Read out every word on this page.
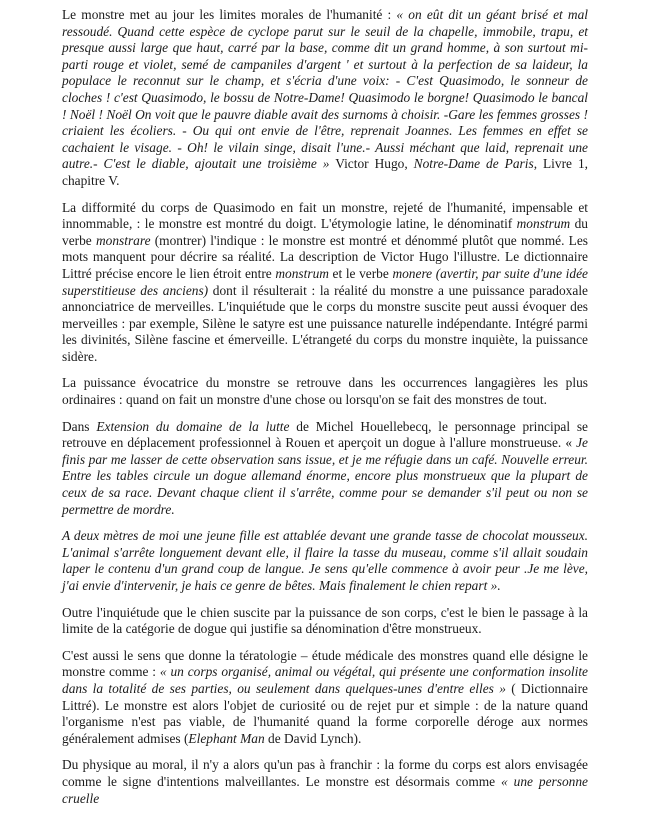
Le monstre met au jour les limites morales de l'humanité : « on eût dit un géant brisé et mal ressoudé. Quand cette espèce de cyclope parut sur le seuil de la chapelle, immobile, trapu, et presque aussi large que haut, carré par la base, comme dit un grand homme, à son surtout mi-parti rouge et violet, semé de campaniles d'argent ' et surtout à la perfection de sa laideur, la populace le reconnut sur le champ, et s'écria d'une voix: - C'est Quasimodo, le sonneur de cloches ! c'est Quasimodo, le bossu de Notre-Dame! Quasimodo le borgne! Quasimodo le bancal ! Noël ! Noël On voit que le pauvre diable avait des surnoms à choisir. -Gare les femmes grosses ! criaient les écoliers. - Ou qui ont envie de l'être, reprenait Joannes. Les femmes en effet se cachaient le visage. - Oh! le vilain singe, disait l'une.- Aussi méchant que laid, reprenait une autre.- C'est le diable, ajoutait une troisième » Victor Hugo, Notre-Dame de Paris, Livre 1, chapitre V.

La difformité du corps de Quasimodo en fait un monstre, rejeté de l'humanité, impensable et innommable, : le monstre est montré du doigt. L'étymologie latine, le dénominatif monstrum du verbe monstrare (montrer) l'indique : le monstre est montré et dénommé plutôt que nommé. Les mots manquent pour décrire sa réalité. La description de Victor Hugo l'illustre. Le dictionnaire Littré précise encore le lien étroit entre monstrum et le verbe monere (avertir, par suite d'une idée superstitieuse des anciens) dont il résulterait : la réalité du monstre a une puissance paradoxale annonciatrice de merveilles. L'inquiétude que le corps du monstre suscite peut aussi évoquer des merveilles : par exemple, Silène le satyre est une puissance naturelle indépendante. Intégré parmi les divinités, Silène fascine et émerveille. L'étrangeté du corps du monstre inquiète, la puissance sidère.

La puissance évocatrice du monstre se retrouve dans les occurrences langagières les plus ordinaires : quand on fait un monstre d'une chose ou lorsqu'on se fait des monstres de tout.

Dans Extension du domaine de la lutte de Michel Houellebecq, le personnage principal se retrouve en déplacement professionnel à Rouen et aperçoit un dogue à l'allure monstrueuse. « Je finis par me lasser de cette observation sans issue, et je me réfugie dans un café. Nouvelle erreur. Entre les tables circule un dogue allemand énorme, encore plus monstrueux que la plupart de ceux de sa race. Devant chaque client il s'arrête, comme pour se demander s'il peut ou non se permettre de mordre.

A deux mètres de moi une jeune fille est attablée devant une grande tasse de chocolat mousseux. L'animal s'arrête longuement devant elle, il flaire la tasse du museau, comme s'il allait soudain laper le contenu d'un grand coup de langue. Je sens qu'elle commence à avoir peur .Je me lève, j'ai envie d'intervenir, je hais ce genre de bêtes. Mais finalement le chien repart ».

Outre l'inquiétude que le chien suscite par la puissance de son corps, c'est le bien le passage à la limite de la catégorie de dogue qui justifie sa dénomination d'être monstrueux.

C'est aussi le sens que donne la tératologie – étude médicale des monstres quand elle désigne le monstre comme : « un corps organisé, animal ou végétal, qui présente une conformation insolite dans la totalité de ses parties, ou seulement dans quelques-unes d'entre elles » ( Dictionnaire Littré). Le monstre est alors l'objet de curiosité ou de rejet pur et simple : de la nature quand l'organisme n'est pas viable, de l'humanité quand la forme corporelle déroge aux normes généralement admises (Elephant Man de David Lynch).

Du physique au moral, il n'y a alors qu'un pas à franchir : la forme du corps est alors envisagée comme le signe d'intentions malveillantes. Le monstre est désormais comme « une personne cruelle
